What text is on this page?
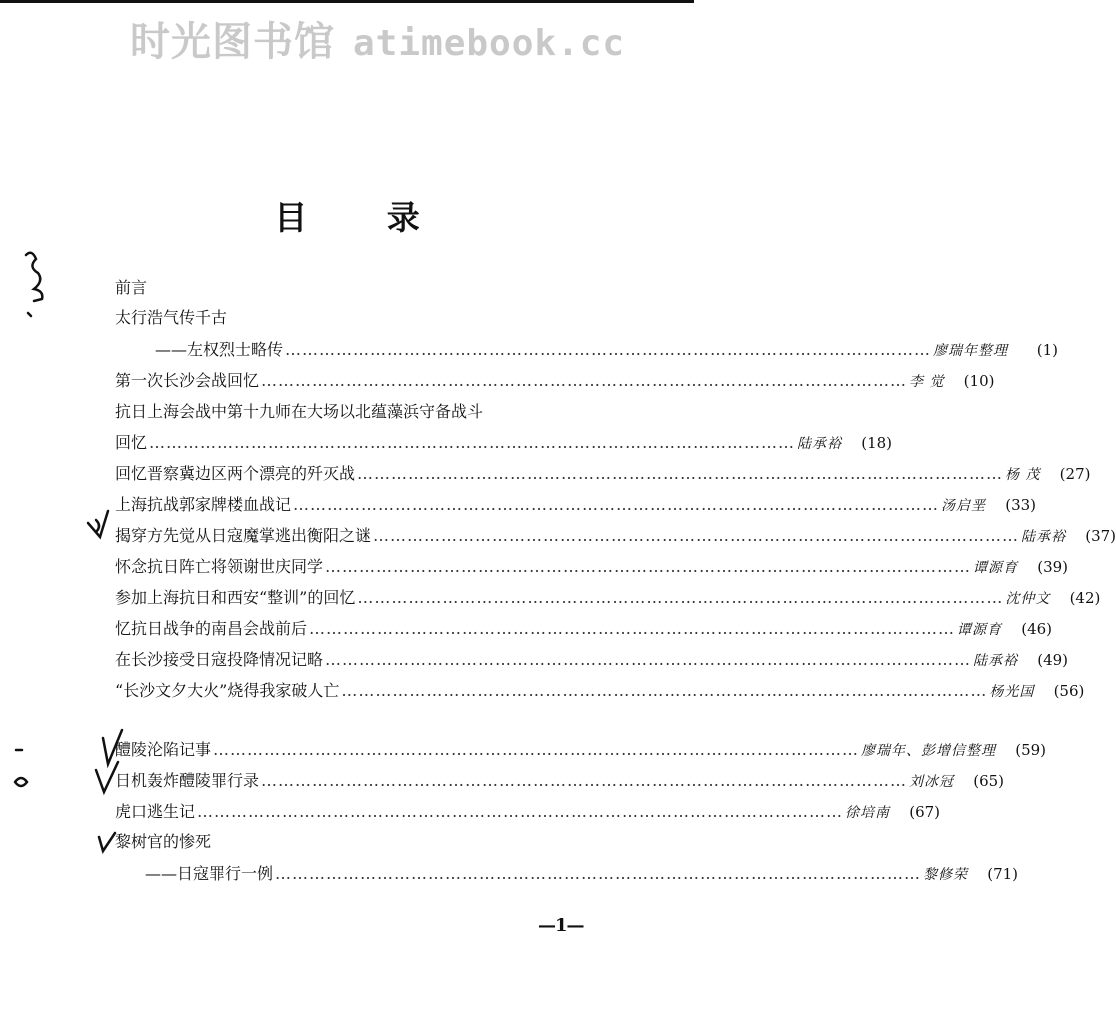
时光图书馆 atimebook.cc
目 录
前言
太行浩气传千古
——左权烈士略传 …………………………………………………………………………………………………… 廖瑞年整理	(1)
第一次长沙会战回忆 …………………………………………………………………………………………………… 李 觉	(10)
抗日上海会战中第十九师在大场以北蕴藻浜守备战斗
回忆 …………………………………………………………………………………………………… 陆承裕	(18)
回忆晋察冀边区两个漂亮的歼灭战 …………………………………………………………………………………………………… 杨 茂	(27)
上海抗战郭家牌楼血战记 …………………………………………………………………………………………………… 汤启垩	(33)
揭穿方先觉从日寇魔掌逃出衡阳之谜 …………………………………………………………………………………………………… 陆承裕	(37)
怀念抗日阵亡将领谢世庆同学 …………………………………………………………………………………………………… 谭源育	(39)
参加上海抗日和西安“整训”的回忆 …………………………………………………………………………………………………… 沈仲文	(42)
忆抗日战争的南昌会战前后 …………………………………………………………………………………………………… 谭源育	(46)
在长沙接受日寇投降情况记略 …………………………………………………………………………………………………… 陆承裕	(49)
“长沙文夕大火”烧得我家破人亡 …………………………………………………………………………………………………… 杨光国	(56)
醴陵沦陷记事 …………………………………………………………………………………………………… 廖瑞年、彭增信整理	(59)
日机轰炸醴陵罪行录 …………………………………………………………………………………………………… 刘冰冠	(65)
虎口逃生记 …………………………………………………………………………………………………… 徐培南	(67)
黎树官的惨死
——日寇罪行一例 …………………………………………………………………………………………………… 黎修荣	(71)
—1—
